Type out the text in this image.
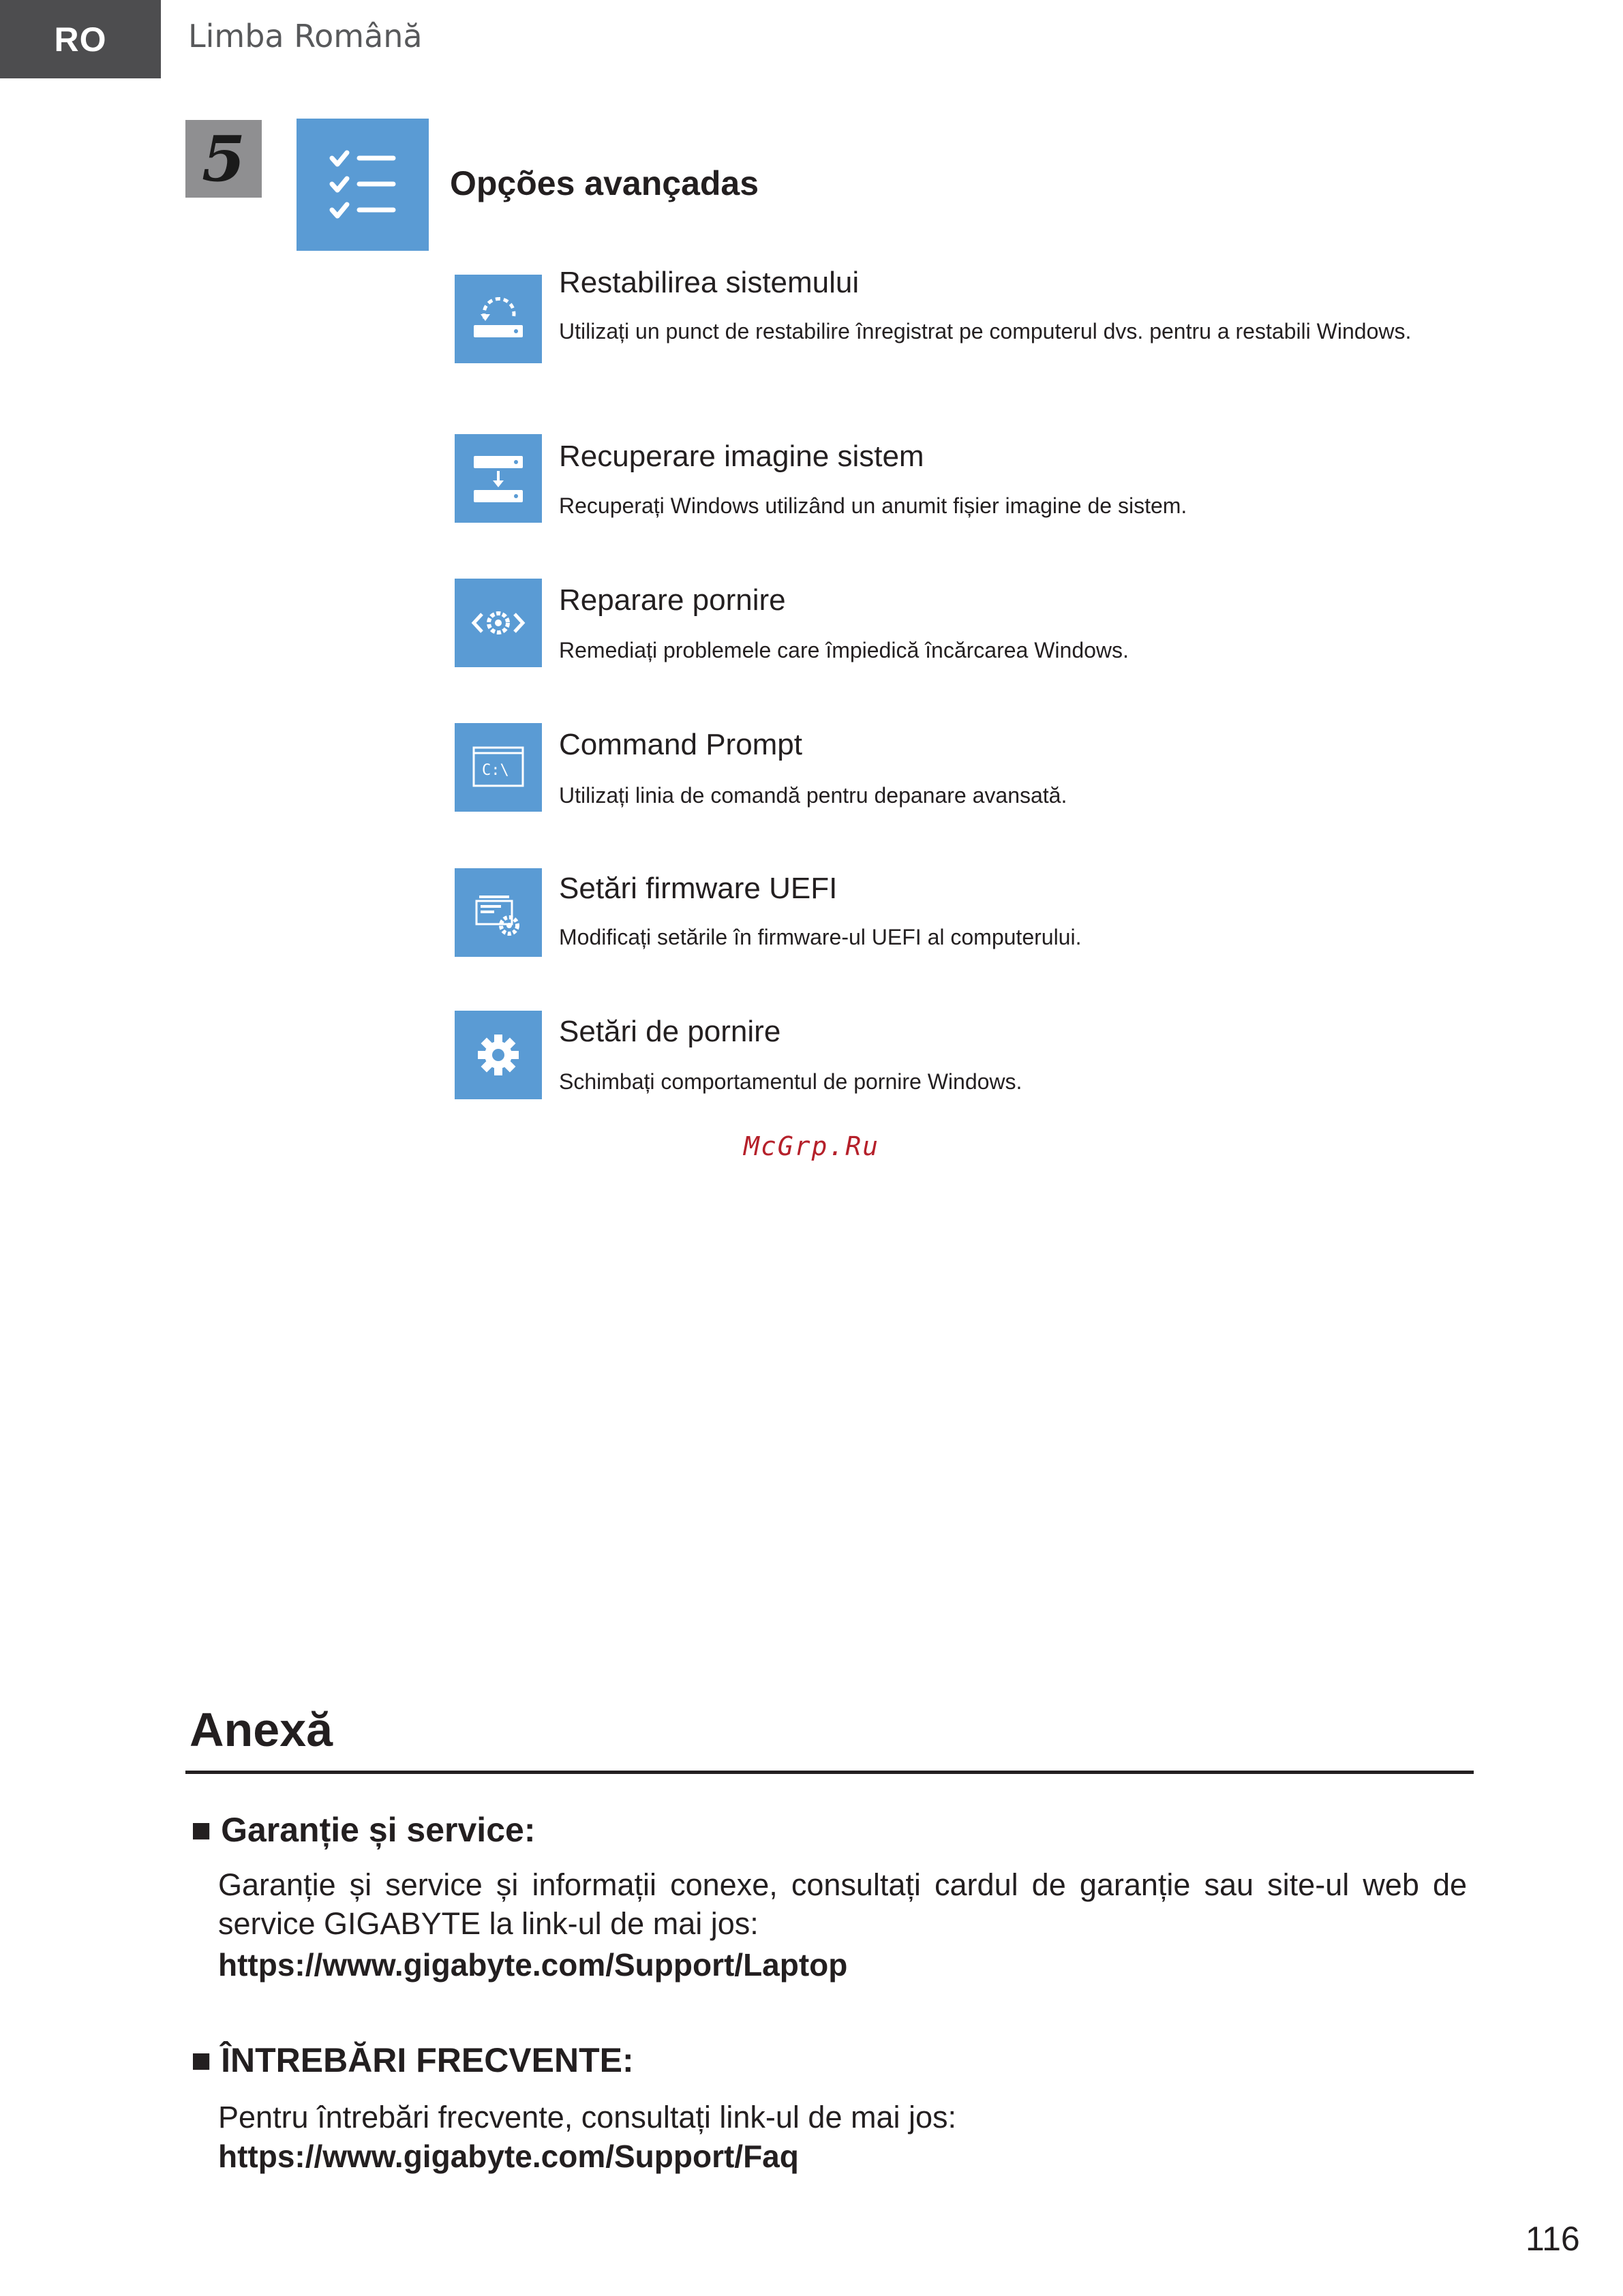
RO	Limba Română
5	Opções avançadas
Restabilirea sistemului
Utilizați un punct de restabilire înregistrat pe computerul dvs. pentru a restabili Windows.
Recuperare imagine sistem
Recuperați Windows utilizând un anumit fișier imagine de sistem.
Reparare pornire
Remediați problemele care împiedică încărcarea Windows.
C:\
Command Prompt
Utilizați linia de comandă pentru depanare avansată.
Setări firmware UEFI
Modificați setările în firmware-ul UEFI al computerului.
Setări de pornire
Schimbați comportamentul de pornire Windows.
McGrp.Ru
Anexă
■ Garanție și service:
Garanție și service și informații conexe, consultați cardul de garanție sau site-ul web de service GIGABYTE la link-ul de mai jos:
https://www.gigabyte.com/Support/Laptop
■ ÎNTREBĂRI FRECVENTE:
Pentru întrebări frecvente, consultați link-ul de mai jos:
https://www.gigabyte.com/Support/Faq
116
